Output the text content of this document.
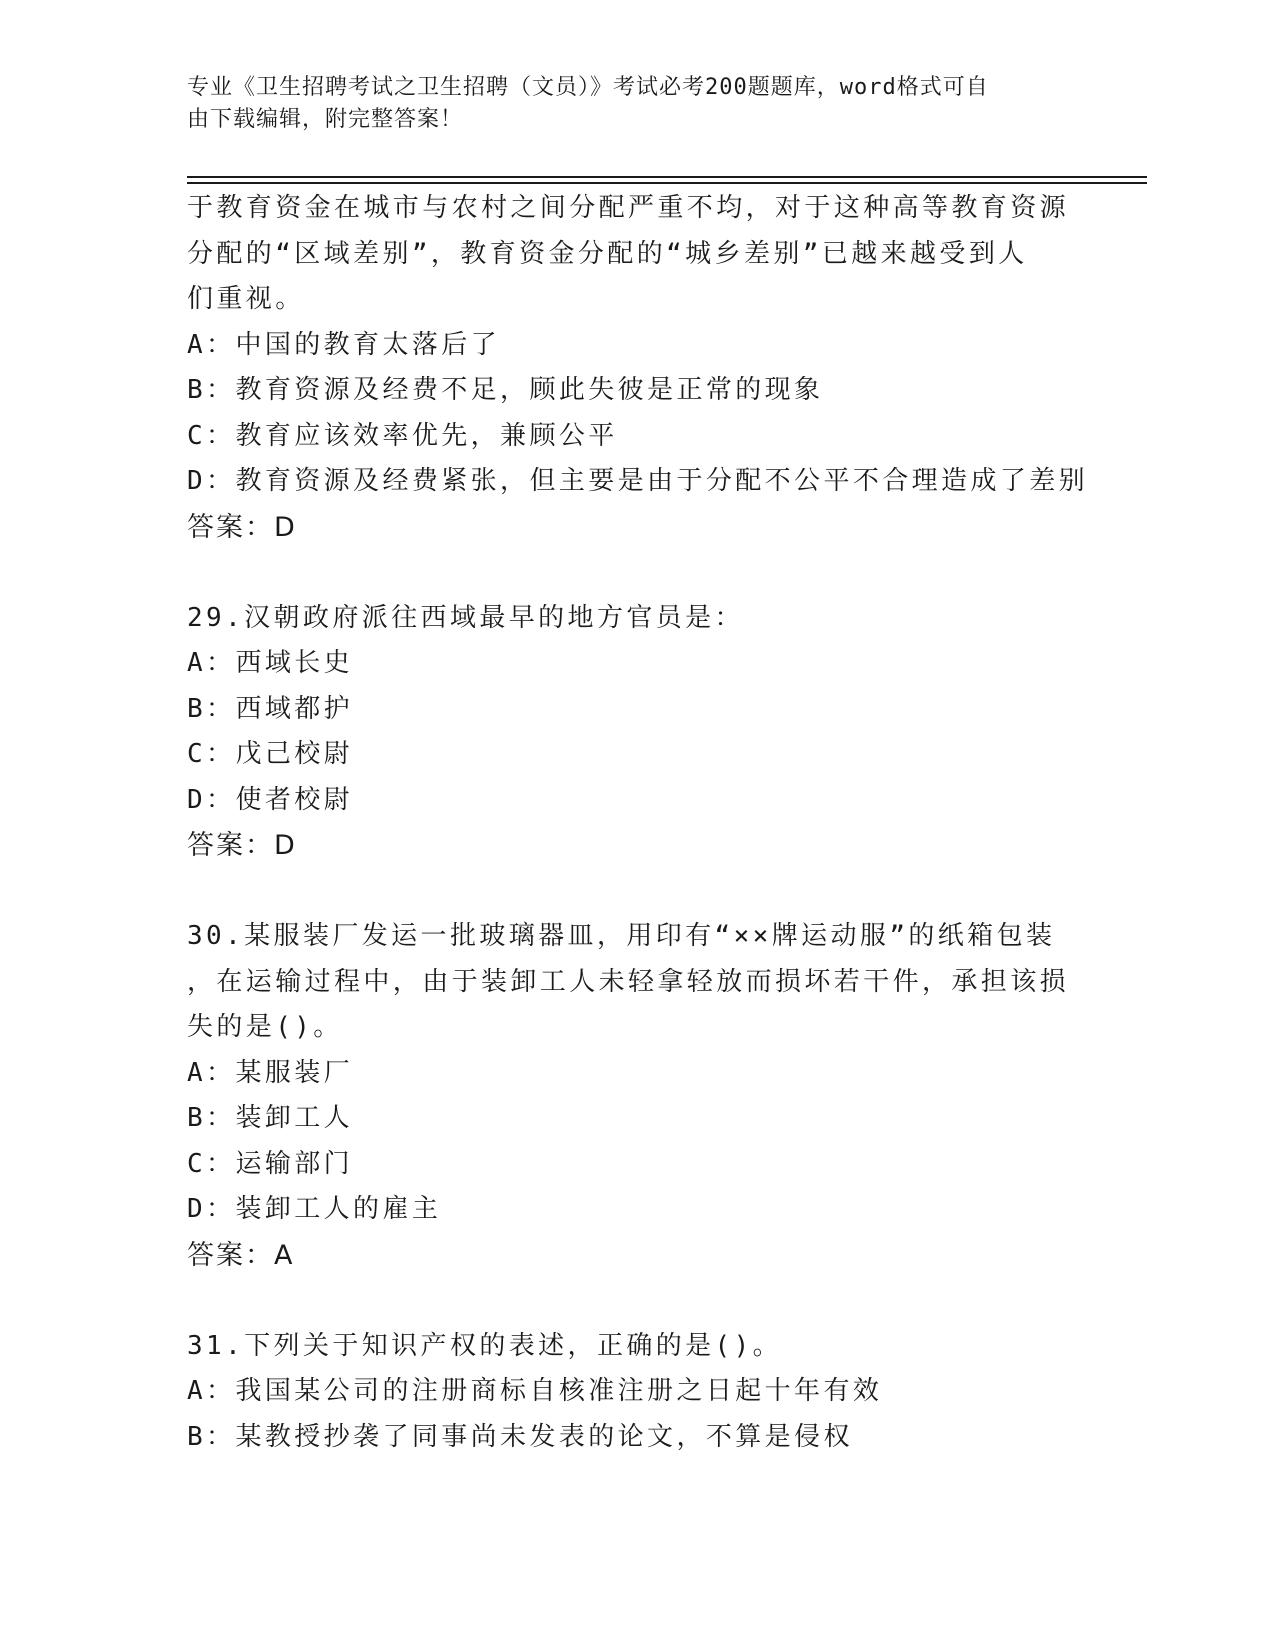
专业《卫生招聘考试之卫生招聘（文员）》考试必考200题题库，word格式可自
由下载编辑，附完整答案！
于教育资金在城市与农村之间分配严重不均，对于这种高等教育资源
分配的“区域差别”，教育资金分配的“城乡差别”已越来越受到人
们重视。
A：中国的教育太落后了
B：教育资源及经费不足，顾此失彼是正常的现象
C：教育应该效率优先，兼顾公平
D：教育资源及经费紧张，但主要是由于分配不公平不合理造成了差别
答案：D
29.汉朝政府派往西域最早的地方官员是：
A：西域长史
B：西域都护
C：戊己校尉
D：使者校尉
答案：D
30.某服装厂发运一批玻璃器皿，用印有“××牌运动服”的纸箱包装
，在运输过程中，由于装卸工人未轻拿轻放而损坏若干件，承担该损
失的是()。
A：某服装厂
B：装卸工人
C：运输部门
D：装卸工人的雇主
答案：A
31.下列关于知识产权的表述，正确的是()。
A：我国某公司的注册商标自核准注册之日起十年有效
B：某教授抄袭了同事尚未发表的论文，不算是侵权
